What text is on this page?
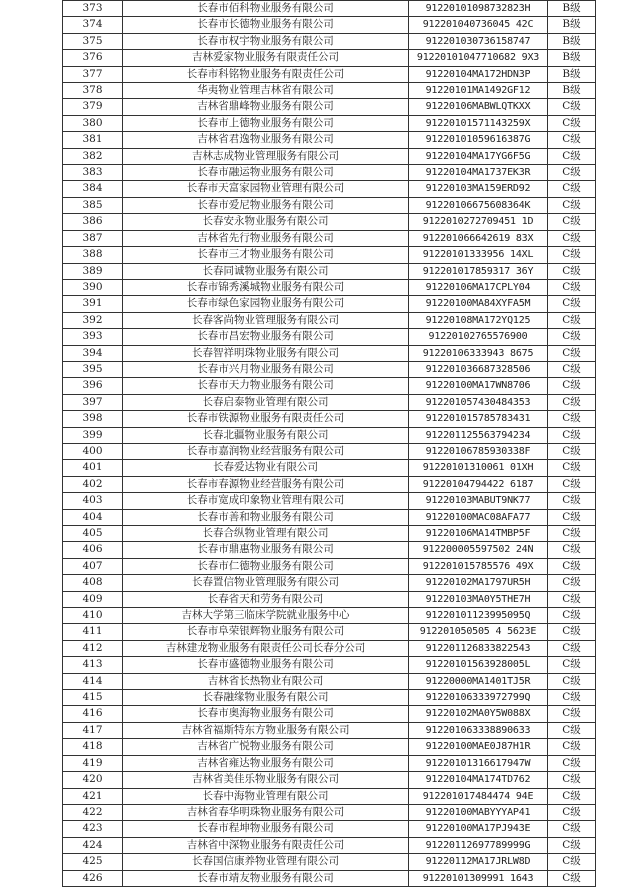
373	长春市佰科物业服务有限公司	91220101098732823H	B级
374	长春市长德物业服务有限公司	912201040736045 42C	B级
375	长春市权宇物业服务有限公司	912201030736158747	B级
376	吉林爱家物业服务有限责任公司	91220101047710682 9X3	B级
377	长春市科铭物业服务有限责任公司	91220104MA172HDN3P	B级
378	华夷物业管理吉林省有限公司	91220101MA1492GF12	B级
379	吉林省鼎峰物业服务有限公司	91220106MABWLQTKXX	C级
380	长春市上德物业服务有限公司	91220101571143259X	C级
381	吉林省君逸物业服务有限公司	91220101059616387G	C级
382	吉林志成物业管理服务有限公司	91220104MA17YG6F5G	C级
383	长春市融运物业服务有限公司	91220104MA1737EK3R	C级
384	长春市天富家园物业管理有限公司	91220103MA159ERD92	C级
385	长春市爱尼物业服务有限公司	91220106675608364K	C级
386	长春安永物业服务有限公司	9122010272709451 1D	C级
387	吉林省先行物业服务有限公司	912201066642619 83X	C级
388	长春市三才物业服务有限公司	91220101333956 14XL	C级
389	长春同诚物业服务有限公司	912201017859317 36Y	C级
390	长春市锦秀溪城物业服务有限公司	91220106MA17CPLY04	C级
391	长春市绿色家园物业服务有限公司	91220100MA84XYFA5M	C级
392	长春客尚物业管理服务有限公司	91220108MA172YQ125	C级
393	长春市昌宏物业服务有限公司	91220102765576900	C级
394	长春智祥明珠物业服务有限公司	91220106333943 8675	C级
395	长春市兴月物业服务有限公司	912201036687328506	C级
396	长春市天力物业服务有限公司	91220100MA17WN8706	C级
397	长春启泰物业管理有限公司	912201057430484353	C级
398	长春市铁源物业服务有限责任公司	912201015785783431	C级
399	长春北疆物业服务有限公司	912201125563794234	C级
400	长春市嘉润物业经营服务有限公司	91220106785930338F	C级
401	长春爱达物业有限公司	91220101310061 01XH	C级
402	长春市春源物业经营服务有限公司	91220104794422 6187	C级
403	长春市宽成印象物业管理有限公司	91220103MABUT9NK77	C级
404	长春市善和物业服务有限公司	91220100MAC08AFA77	C级
405	长春合纵物业管理有限公司	91220106MA14TMBP5F	C级
406	长春市鼎惠物业服务有限公司	912200005597502 24N	C级
407	长春市仁德物业服务有限公司	912201015785576 49X	C级
408	长春置信物业管理服务有限公司	91220102MA1797UR5H	C级
409	长春省天和劳务有限公司	91220103MA0Y5THE7H	C级
410	吉林大学第三临床学院就业服务中心	91220101123995095Q	C级
411	长春市阜荣银辉物业服务有限公司	912201050505 4 5623E	C级
412	吉林建龙物业服务有限责任公司长春分公司	912201126833822543	C级
413	长春市盛德物业服务有限公司	91220101563928005L	C级
414	吉林省长热物业有限公司	91220000MA1401TJ5R	C级
415	长春融缘物业服务有限公司	91220106333972799Q	C级
416	长春市奥海物业服务有限公司	91220102MA0Y5W088X	C级
417	吉林省福斯特东方物业服务有限公司	912201063338890633	C级
418	吉林省广悦物业服务有限公司	91220100MAE0J87H1R	C级
419	吉林省雍达物业服务有限公司	91220101316617947W	C级
420	吉林省美佳乐物业服务有限公司	91220104MA174TD762	C级
421	长春中海物业管理有限公司	912201017484474 94E	C级
422	吉林省春华明珠物业服务有限公司	91220100MABYYYAP41	C级
423	长春市程坤物业服务有限公司	91220100MA17PJ943E	C级
424	吉林省中深物业服务有限责任公司	91220112697789999G	C级
425	长春国信康养物业管理有限公司	91220112MA17JRLW8D	C级
426	长春市靖友物业服务有限公司	91220101309991 1643	C级
